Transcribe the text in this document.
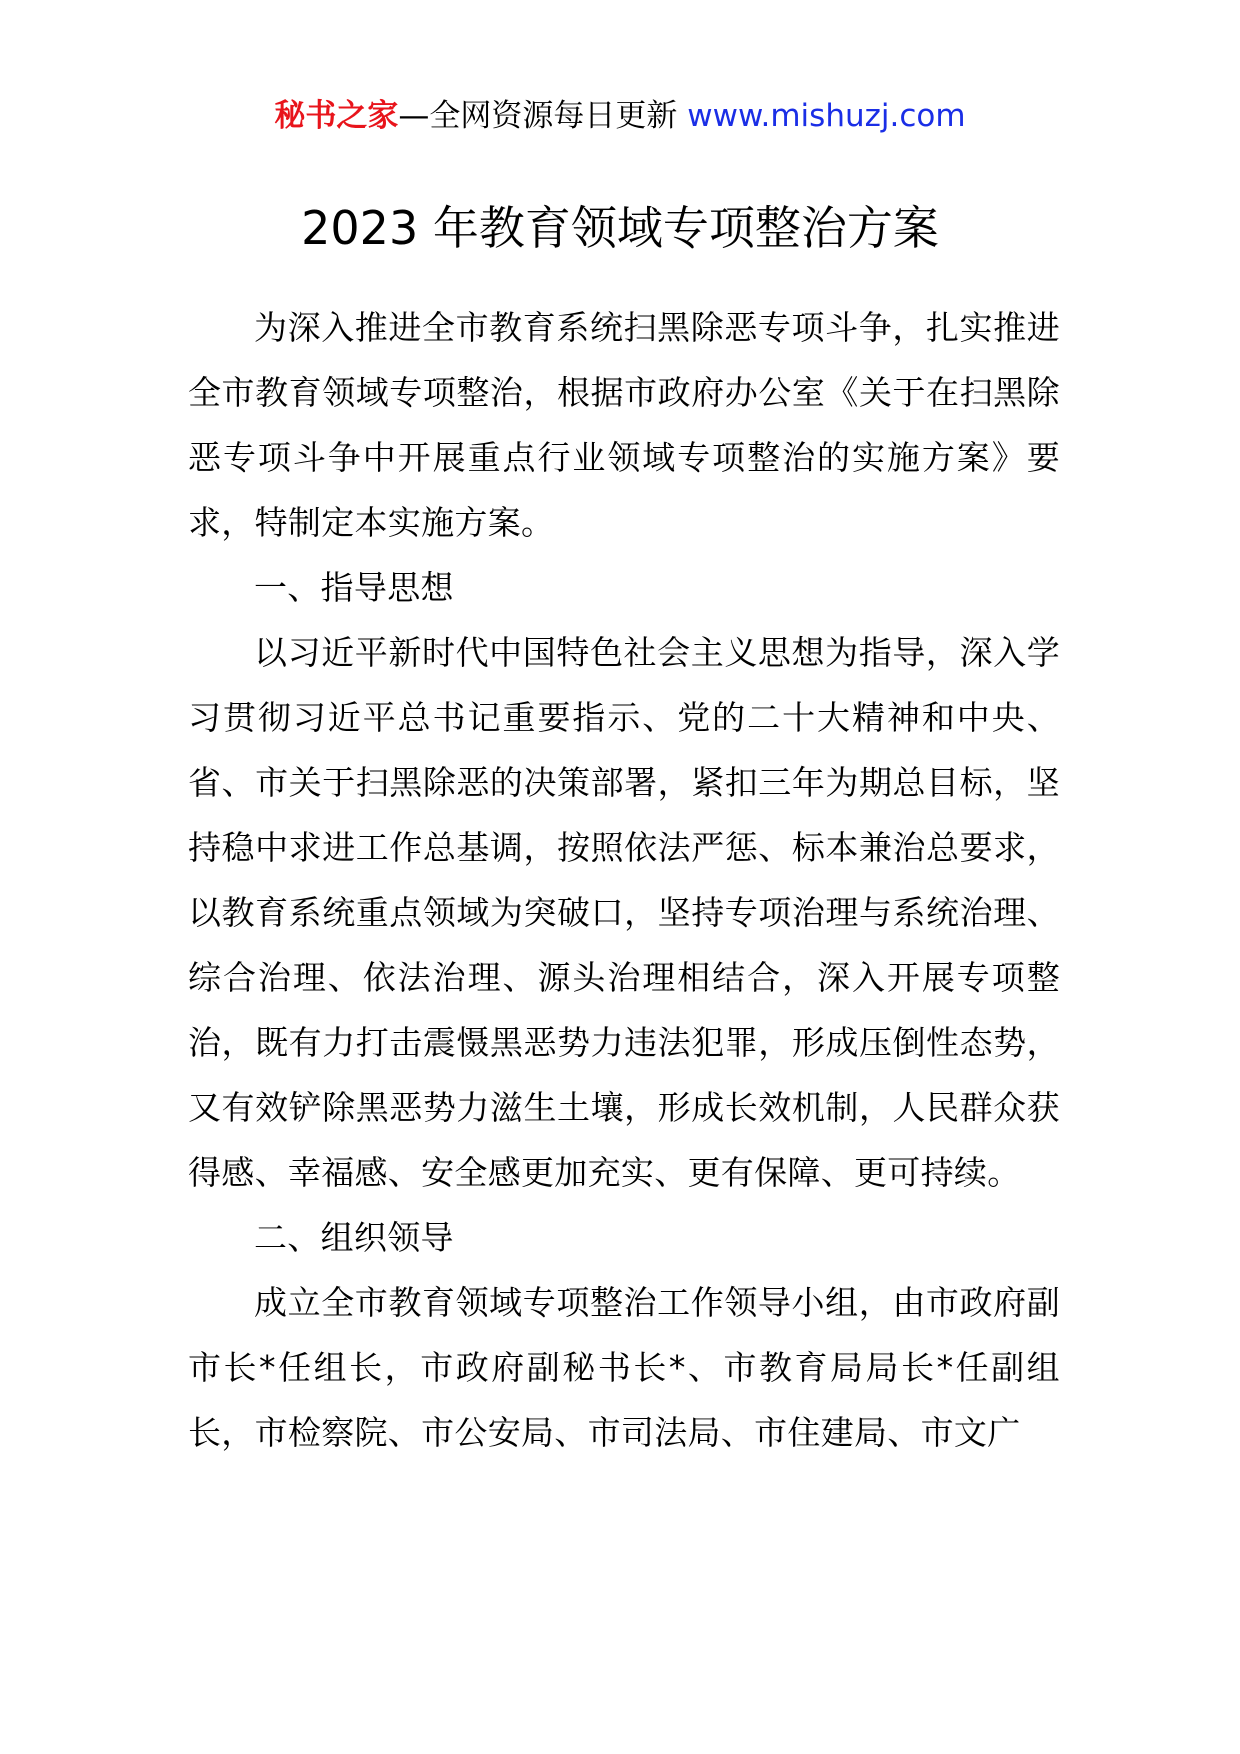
秘书之家—全网资源每日更新 www.mishuzj.com
2023 年教育领域专项整治方案

为深入推进全市教育系统扫黑除恶专项斗争，扎实推进全市教育领域专项整治，根据市政府办公室《关于在扫黑除恶专项斗争中开展重点行业领域专项整治的实施方案》要求，特制定本实施方案。

一、指导思想

以习近平新时代中国特色社会主义思想为指导，深入学习贯彻习近平总书记重要指示、党的二十大精神和中央、省、市关于扫黑除恶的决策部署，紧扣三年为期总目标，坚持稳中求进工作总基调，按照依法严惩、标本兼治总要求，以教育系统重点领域为突破口，坚持专项治理与系统治理、综合治理、依法治理、源头治理相结合，深入开展专项整治，既有力打击震慑黑恶势力违法犯罪，形成压倒性态势，又有效铲除黑恶势力滋生土壤，形成长效机制，人民群众获得感、幸福感、安全感更加充实、更有保障、更可持续。

二、组织领导

成立全市教育领域专项整治工作领导小组，由市政府副市长*任组长，市政府副秘书长*、市教育局局长*任副组长，市检察院、市公安局、市司法局、市住建局、市文广
